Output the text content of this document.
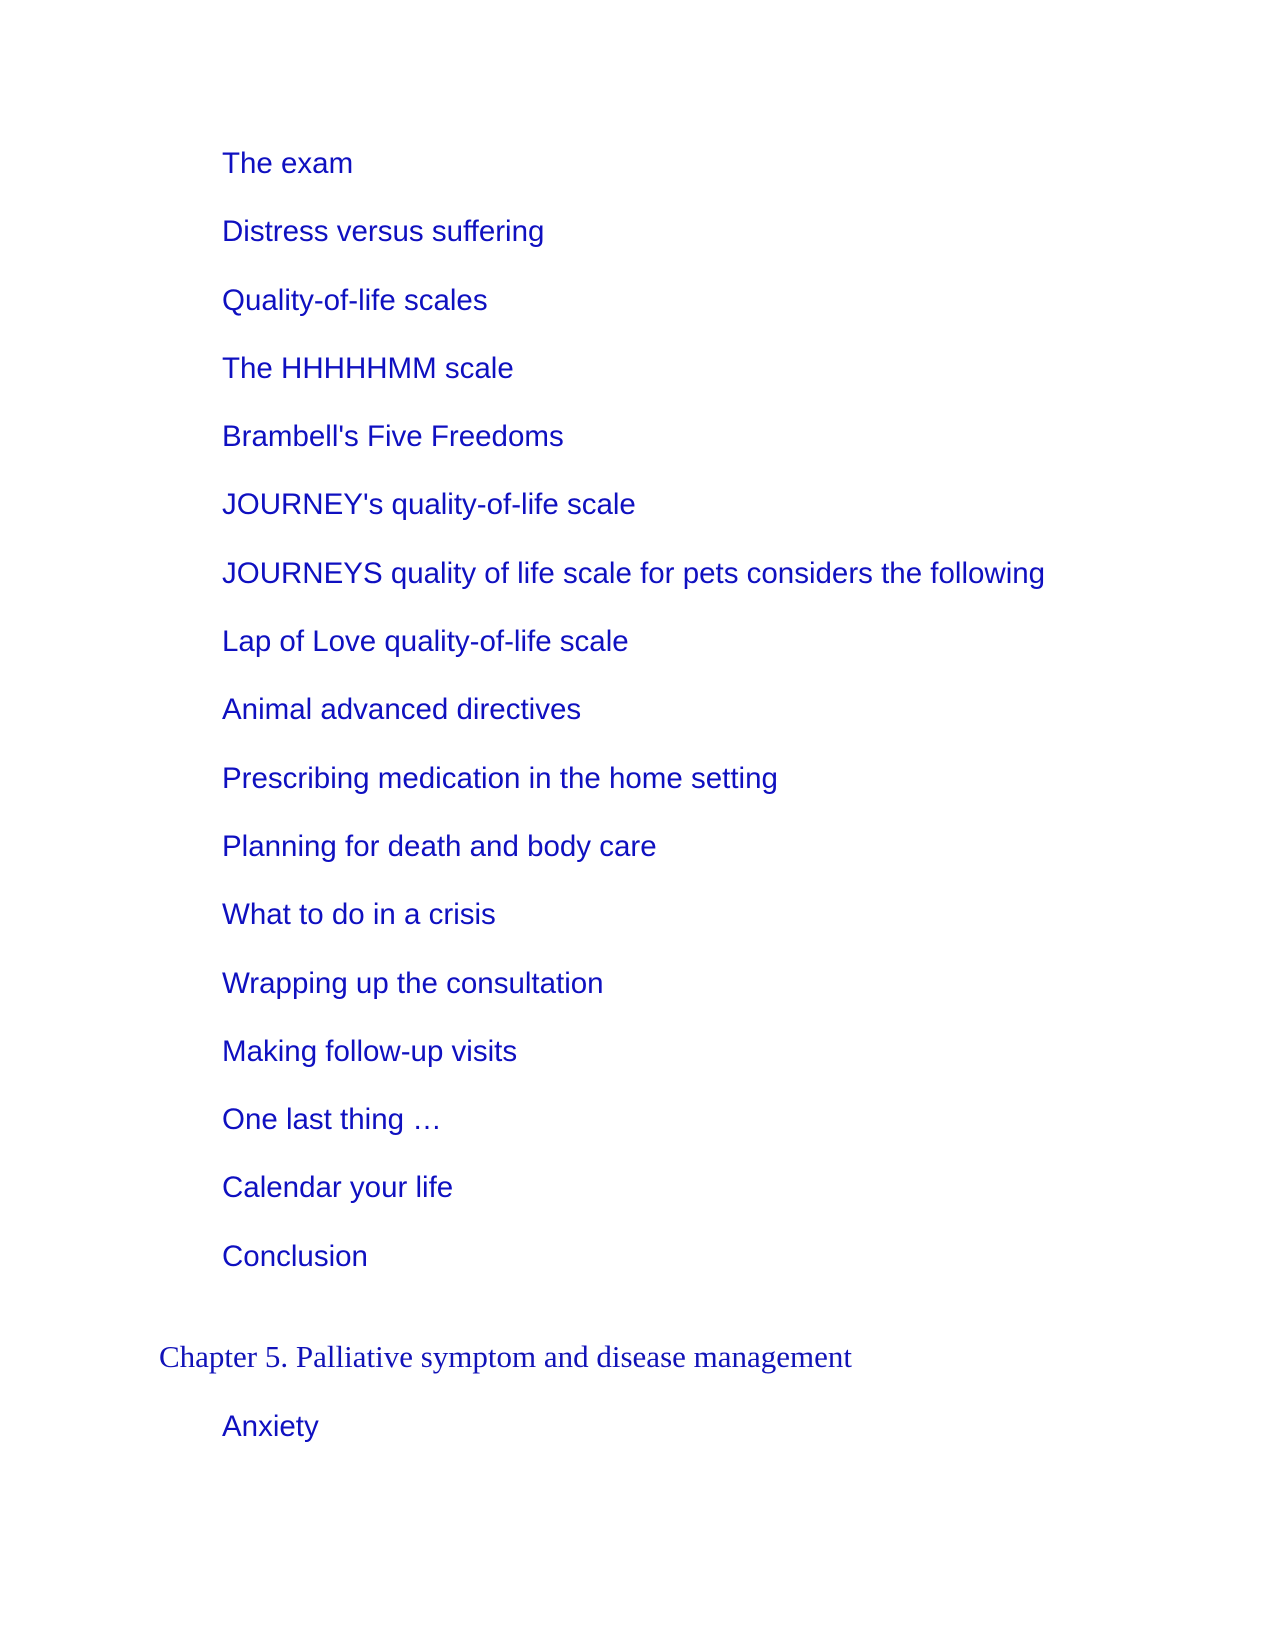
The exam
Distress versus suffering
Quality-of-life scales
The HHHHHMM scale
Brambell's Five Freedoms
JOURNEY's quality-of-life scale
JOURNEYS quality of life scale for pets considers the following
Lap of Love quality-of-life scale
Animal advanced directives
Prescribing medication in the home setting
Planning for death and body care
What to do in a crisis
Wrapping up the consultation
Making follow-up visits
One last thing …
Calendar your life
Conclusion
Chapter 5. Palliative symptom and disease management
Anxiety
